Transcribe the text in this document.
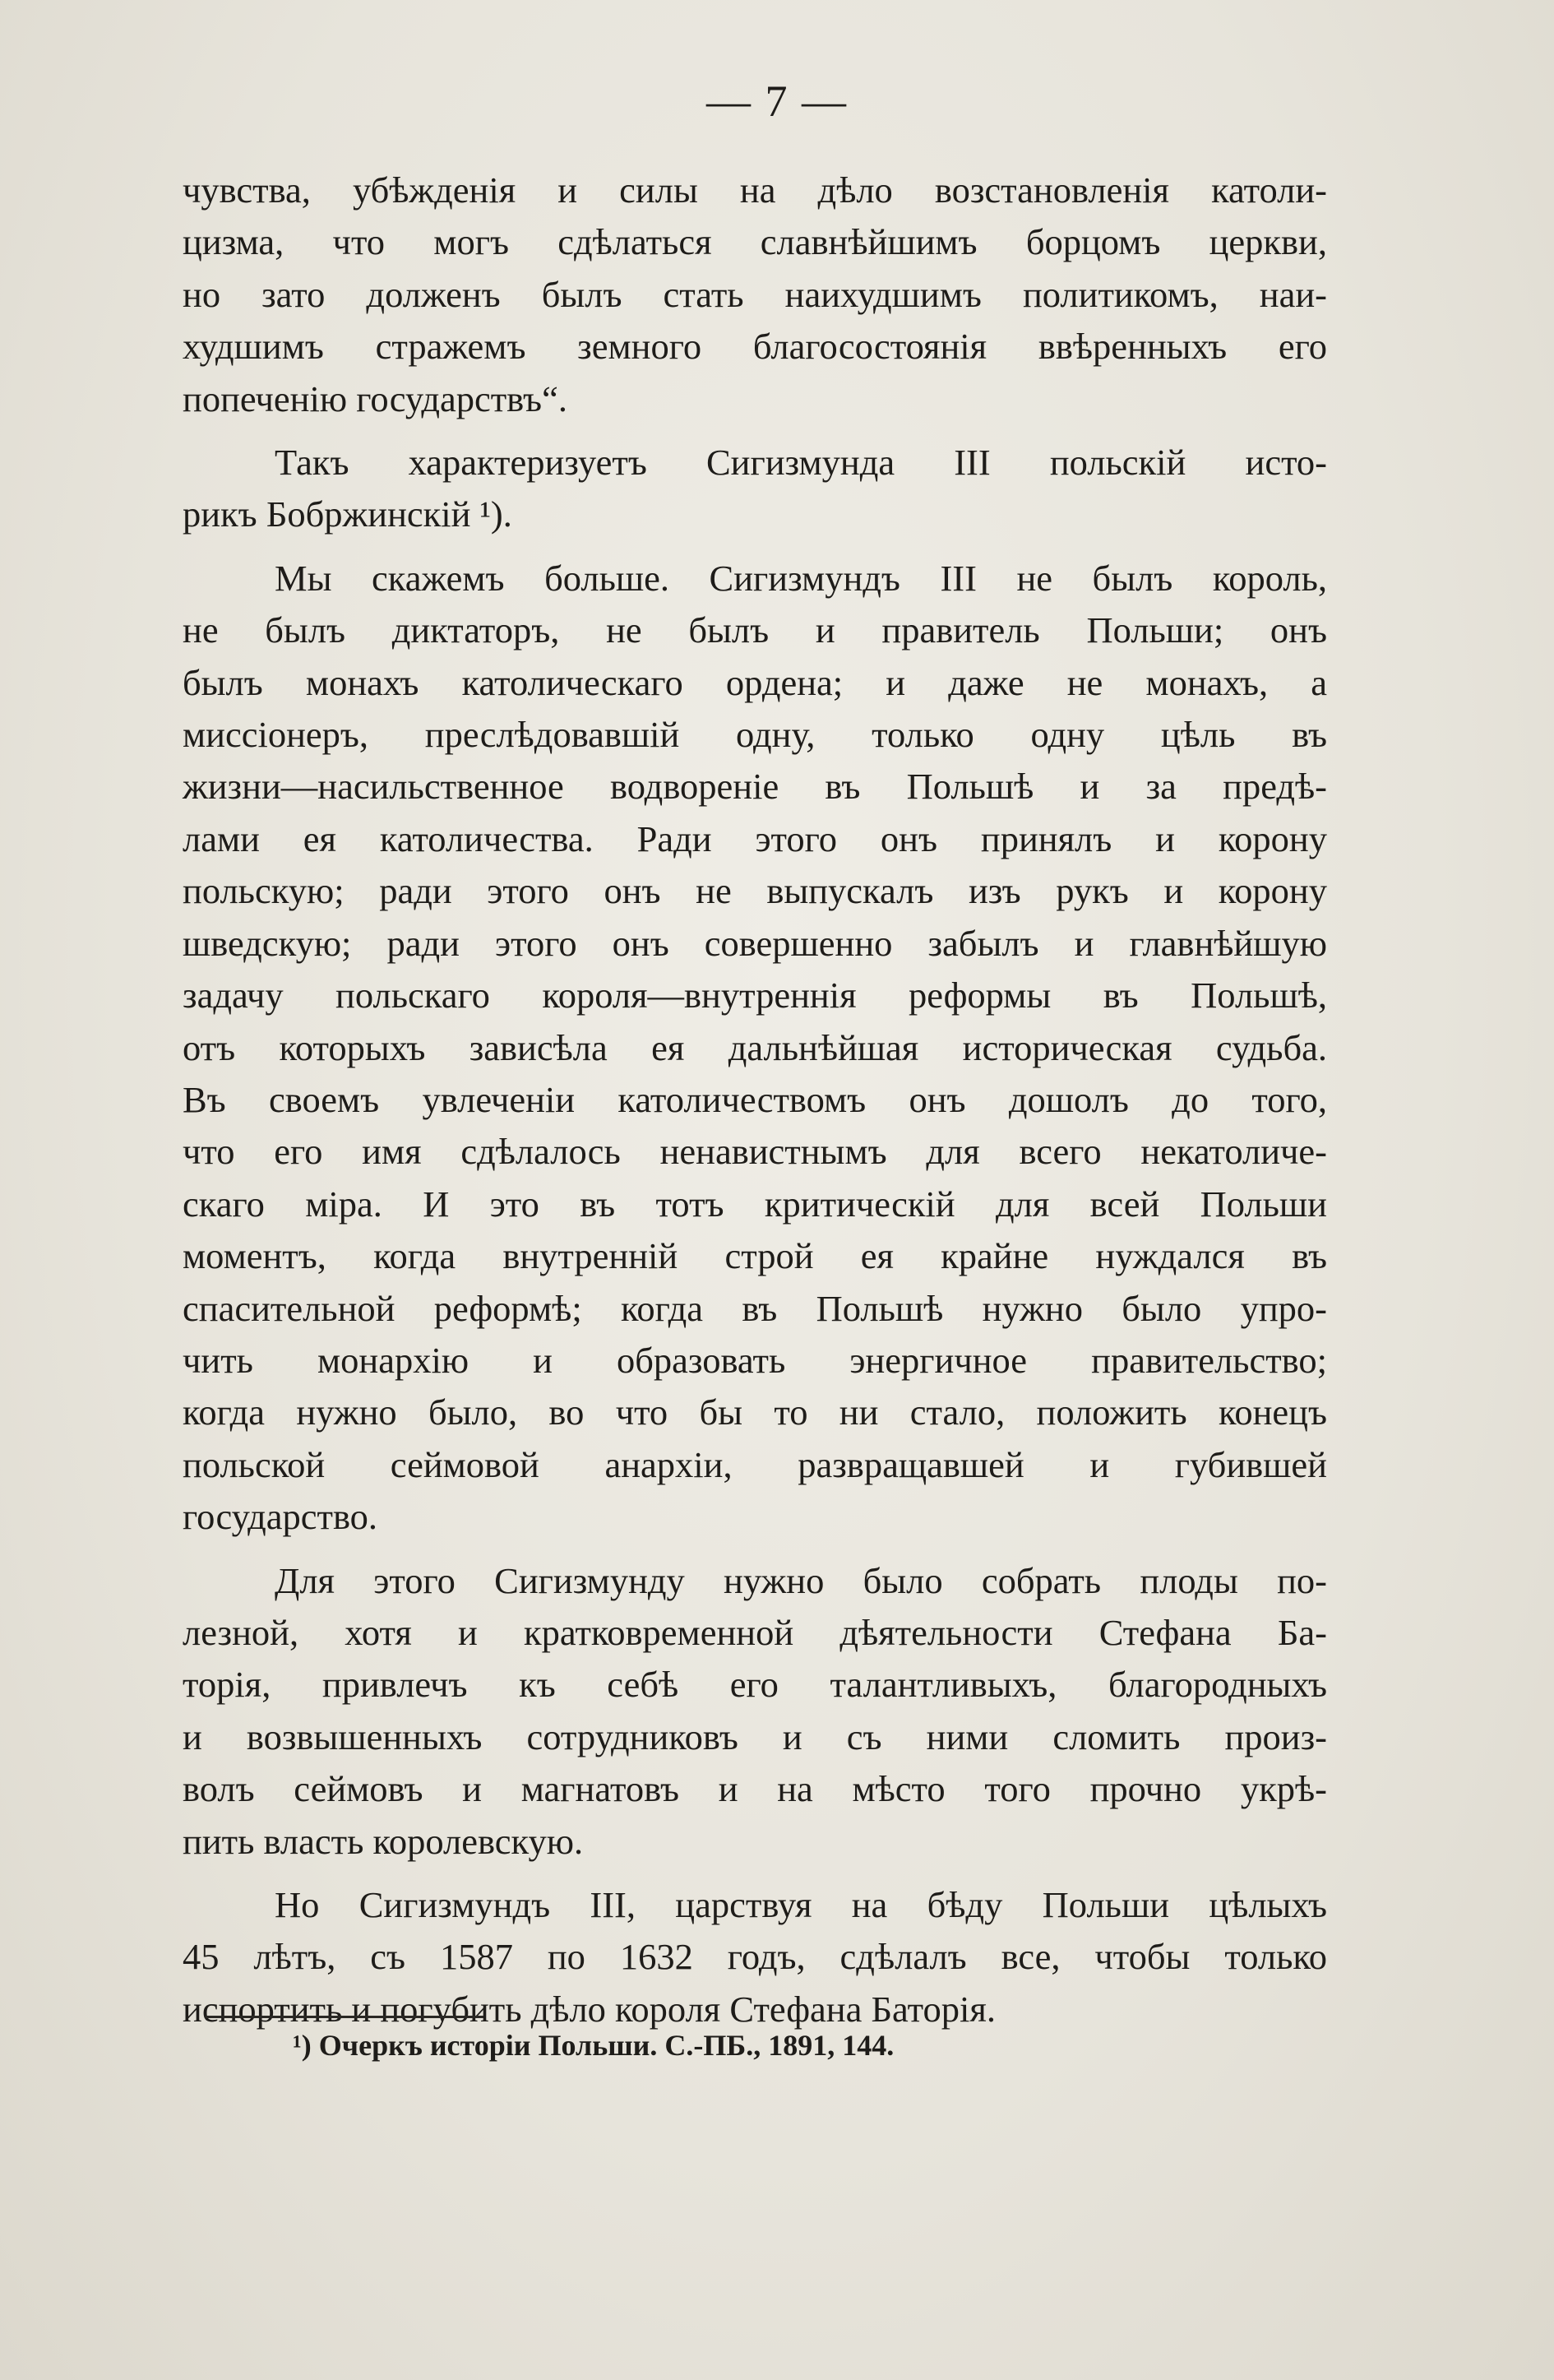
— 7 —
чувства, убѣжденія и силы на дѣло возстановленія католи-
цизма, что могъ сдѣлаться славнѣйшимъ борцомъ церкви,
но зато долженъ былъ стать наихудшимъ политикомъ, наи-
худшимъ стражемъ земного благосостоянія ввѣренныхъ его
попеченію государствъ“.
Такъ характеризуетъ Сигизмунда III польскій исто-
рикъ Бобржинскій ¹).
Мы скажемъ больше. Сигизмундъ III не былъ король,
не былъ диктаторъ, не былъ и правитель Польши; онъ
былъ монахъ католическаго ордена; и даже не монахъ, а
миссіонеръ, преслѣдовавшій одну, только одну цѣль въ
жизни—насильственное водвореніе въ Польшѣ и за предѣ-
лами ея католичества. Ради этого онъ принялъ и корону
польскую; ради этого онъ не выпускалъ изъ рукъ и корону
шведскую; ради этого онъ совершенно забылъ и главнѣйшую
задачу польскаго короля—внутреннія реформы въ Польшѣ,
отъ которыхъ зависѣла ея дальнѣйшая историческая судьба.
Въ своемъ увлеченіи католичествомъ онъ дошолъ до того,
что его имя сдѣлалось ненавистнымъ для всего некатоличе-
скаго міра. И это въ тотъ критическій для всей Польши
моментъ, когда внутренній строй ея крайне нуждался въ
спасительной реформѣ; когда въ Польшѣ нужно было упро-
чить монархію и образовать энергичное правительство;
когда нужно было, во что бы то ни стало, положить конецъ
польской сеймовой анархіи, развращавшей и губившей
государство.
Для этого Сигизмунду нужно было собрать плоды по-
лезной, хотя и кратковременной дѣятельности Стефана Ба-
торія, привлечъ къ себѣ его талантливыхъ, благородныхъ
и возвышенныхъ сотрудниковъ и съ ними сломить произ-
волъ сеймовъ и магнатовъ и на мѣсто того прочно укрѣ-
пить власть королевскую.
Но Сигизмундъ III, царствуя на бѣду Польши цѣлыхъ
45 лѣтъ, съ 1587 по 1632 годъ, сдѣлалъ все, чтобы только
испортить и погубить дѣло короля Стефана Баторія.
¹) Очеркъ исторіи Польши. С.-ПБ., 1891, 144.
